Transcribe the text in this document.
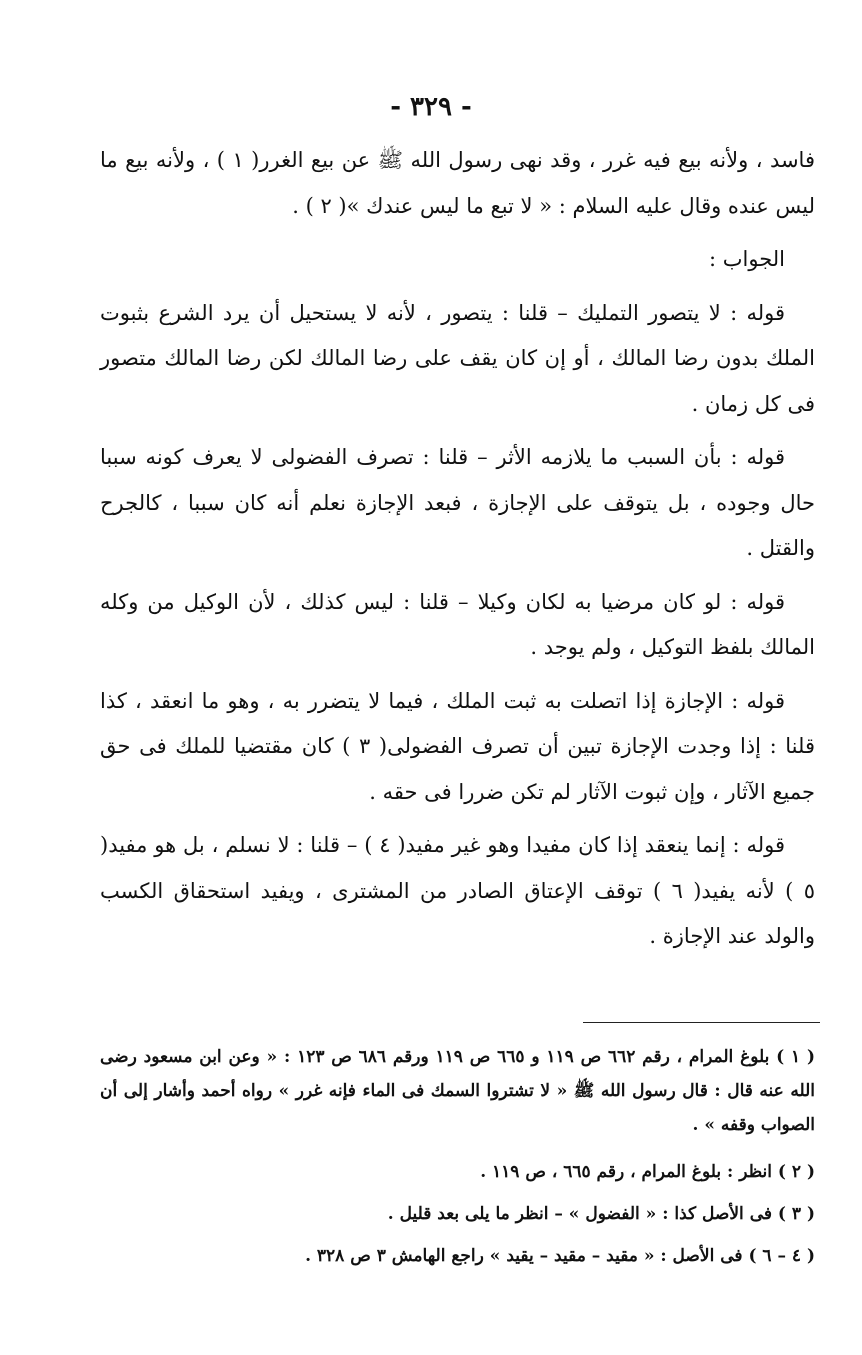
- ٣٢٩ -

فاسد ، ولأنه بيع فيه غرر ، وقد نهى رسول الله ﷺ عن بيع الغرر( ١ ) ، ولأنه بيع ما ليس عنده وقال عليه السلام : « لا تبع ما ليس عندك »( ٢ ) .

الجواب :

قوله : لا يتصور التمليك – قلنا : يتصور ، لأنه لا يستحيل أن يرد الشرع بثبوت الملك بدون رضا المالك ، أو إن كان يقف على رضا المالك لكن رضا المالك متصور فى كل زمان .

قوله : بأن السبب ما يلازمه الأثر – قلنا : تصرف الفضولى لا يعرف كونه سببا حال وجوده ، بل يتوقف على الإجازة ، فبعد الإجازة نعلم أنه كان سببا ، كالجرح والقتل .

قوله : لو كان مرضيا به لكان وكيلا – قلنا : ليس كذلك ، لأن الوكيل من وكله المالك بلفظ التوكيل ، ولم يوجد .

قوله : الإجازة إذا اتصلت به ثبت الملك ، فيما لا يتضرر به ، وهو ما انعقد ، كذا قلنا : إذا وجدت الإجازة تبين أن تصرف الفضولى( ٣ ) كان مقتضيا للملك فى حق جميع الآثار ، وإن ثبوت الآثار لم تكن ضررا فى حقه .

قوله : إنما ينعقد إذا كان مفيدا وهو غير مفيد( ٤ ) – قلنا : لا نسلم ، بل هو مفيد( ٥ ) لأنه يفيد( ٦ ) توقف الإعتاق الصادر من المشترى ، ويفيد استحقاق الكسب والولد عند الإجازة .

( ١ ) بلوغ المرام ، رقم ٦٦٢ ص ١١٩ و ٦٦٥ ص ١١٩ ورقم ٦٨٦ ص ١٢٣ : « وعن ابن مسعود رضى الله عنه قال : قال رسول الله ﷺ « لا تشتروا السمك فى الماء فإنه غرر » رواه أحمد وأشار إلى أن الصواب وقفه » .

( ٢ ) انظر : بلوغ المرام ، رقم ٦٦٥ ، ص ١١٩ .

( ٣ ) فى الأصل كذا : « الفضول » – انظر ما يلى بعد قليل .

( ٤ – ٦ ) فى الأصل : « مقيد – مقيد – يقيد » راجع الهامش ٣ ص ٣٢٨ .
